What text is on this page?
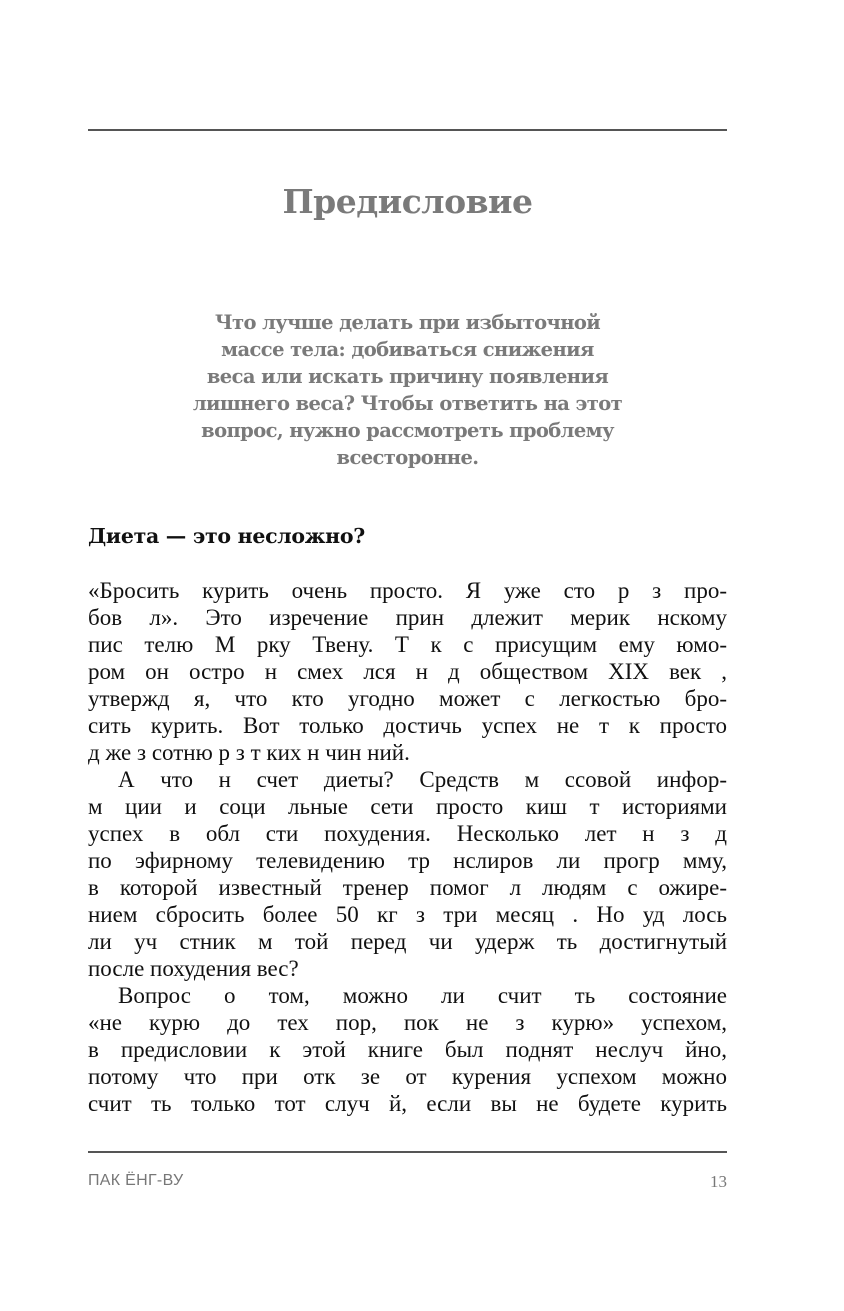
Предисловие

Что лучше делать при избыточной
массе тела: добиваться снижения
веса или искать причину появления
лишнего веса? Чтобы ответить на этот
вопрос, нужно рассмотреть проблему
всесторонне.

Диета — это несложно?
«Бросить курить очень просто. Я уже сто р з про-
бов л». Это изречение прин длежит мерик нскому
пис телю М рку Твену. Т к с присущим ему юмо-
ром он остро н смех лся н д обществом XIX век ,
утвержд я, что кто угодно может с легкостью бро-
сить курить. Вот только достичь успех не т к просто
д же з сотню р з т ких н чин ний.
А что н счет диеты? Средств м ссовой инфор-
м ции и соци льные сети просто киш т историями
успех в обл сти похудения. Несколько лет н з д
по эфирному телевидению тр нслиров ли прогр мму,
в которой известный тренер помог л людям с ожире-
нием сбросить более 50 кг з три месяц . Но уд лось
ли уч стник м той перед чи удерж ть достигнутый
после похудения вес?
Вопрос о том, можно ли счит ть состояние
«не курю до тех пор, пок не з курю» успехом,
в предисловии к этой книге был поднят неслуч йно,
потому что при отк зе от курения успехом можно
счит ть только тот случ й, если вы не будете курить
ПАК ЁНГ-ВУ	13
